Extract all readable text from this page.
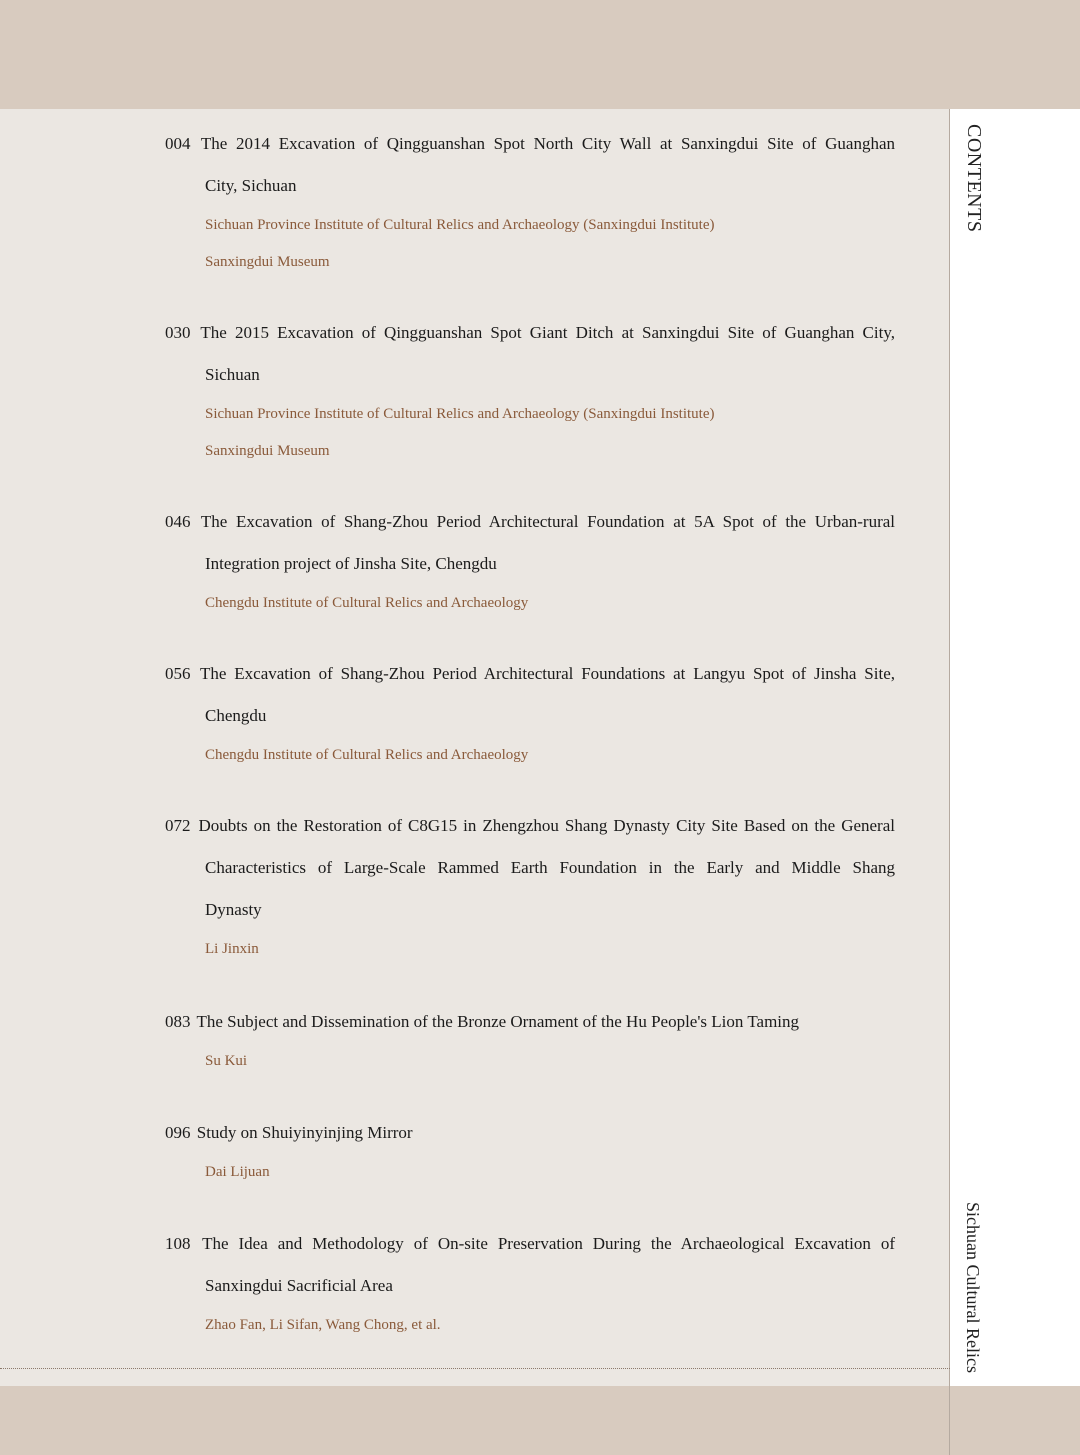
CONTENTS
Sichuan Cultural Relics

004 The 2014 Excavation of Qingguanshan Spot North City Wall at Sanxingdui Site of Guanghan
City, Sichuan

Sichuan Province Institute of Cultural Relics and Archaeology (Sanxingdui Institute)
Sanxingdui Museum

030 The 2015 Excavation of Qingguanshan Spot Giant Ditch at Sanxingdui Site of Guanghan City,
Sichuan

Sichuan Province Institute of Cultural Relics and Archaeology (Sanxingdui Institute)
Sanxingdui Museum

046 The Excavation of Shang-Zhou Period Architectural Foundation at 5A Spot of the Urban-rural
Integration project of Jinsha Site, Chengdu

Chengdu Institute of Cultural Relics and Archaeology

056 The Excavation of Shang-Zhou Period Architectural Foundations at Langyu Spot of Jinsha Site,
Chengdu

Chengdu Institute of Cultural Relics and Archaeology

072 Doubts on the Restoration of C8G15 in Zhengzhou Shang Dynasty City Site Based on the General
Characteristics of Large-Scale Rammed Earth Foundation in the Early and Middle Shang
Dynasty

Li Jinxin

083 The Subject and Dissemination of the Bronze Ornament of the Hu People's Lion Taming

Su Kui

096 Study on Shuiyinyinjing Mirror

Dai Lijuan

108 The Idea and Methodology of On-site Preservation During the Archaeological Excavation of
Sanxingdui Sacrificial Area

Zhao Fan, Li Sifan, Wang Chong, et al.
